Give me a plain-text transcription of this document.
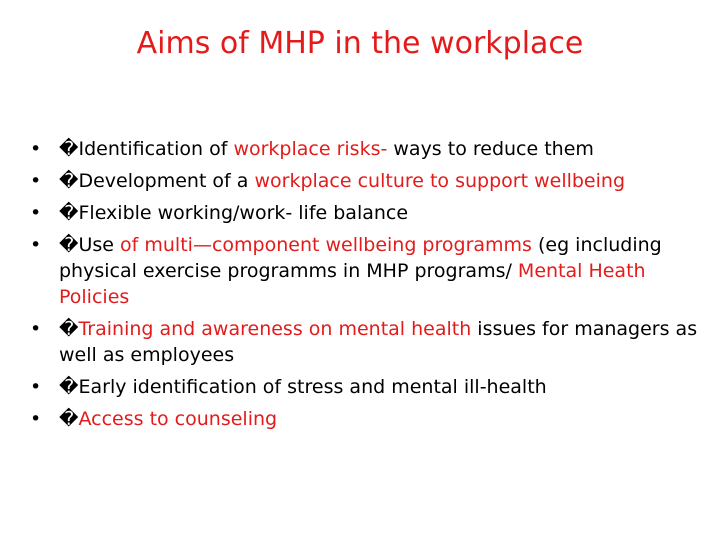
Aims of MHP in the workplace
• �Identification of workplace risks- ways to reduce them
• �Development of a workplace culture to support wellbeing
• �Flexible working/work- life balance
• �Use of multi—component wellbeing programms (eg including physical exercise programms in MHP programs/ Mental Heath Policies
• �Training and awareness on mental health issues for managers as well as employees
• �Early identification of stress and mental ill-health
• �Access to counseling
